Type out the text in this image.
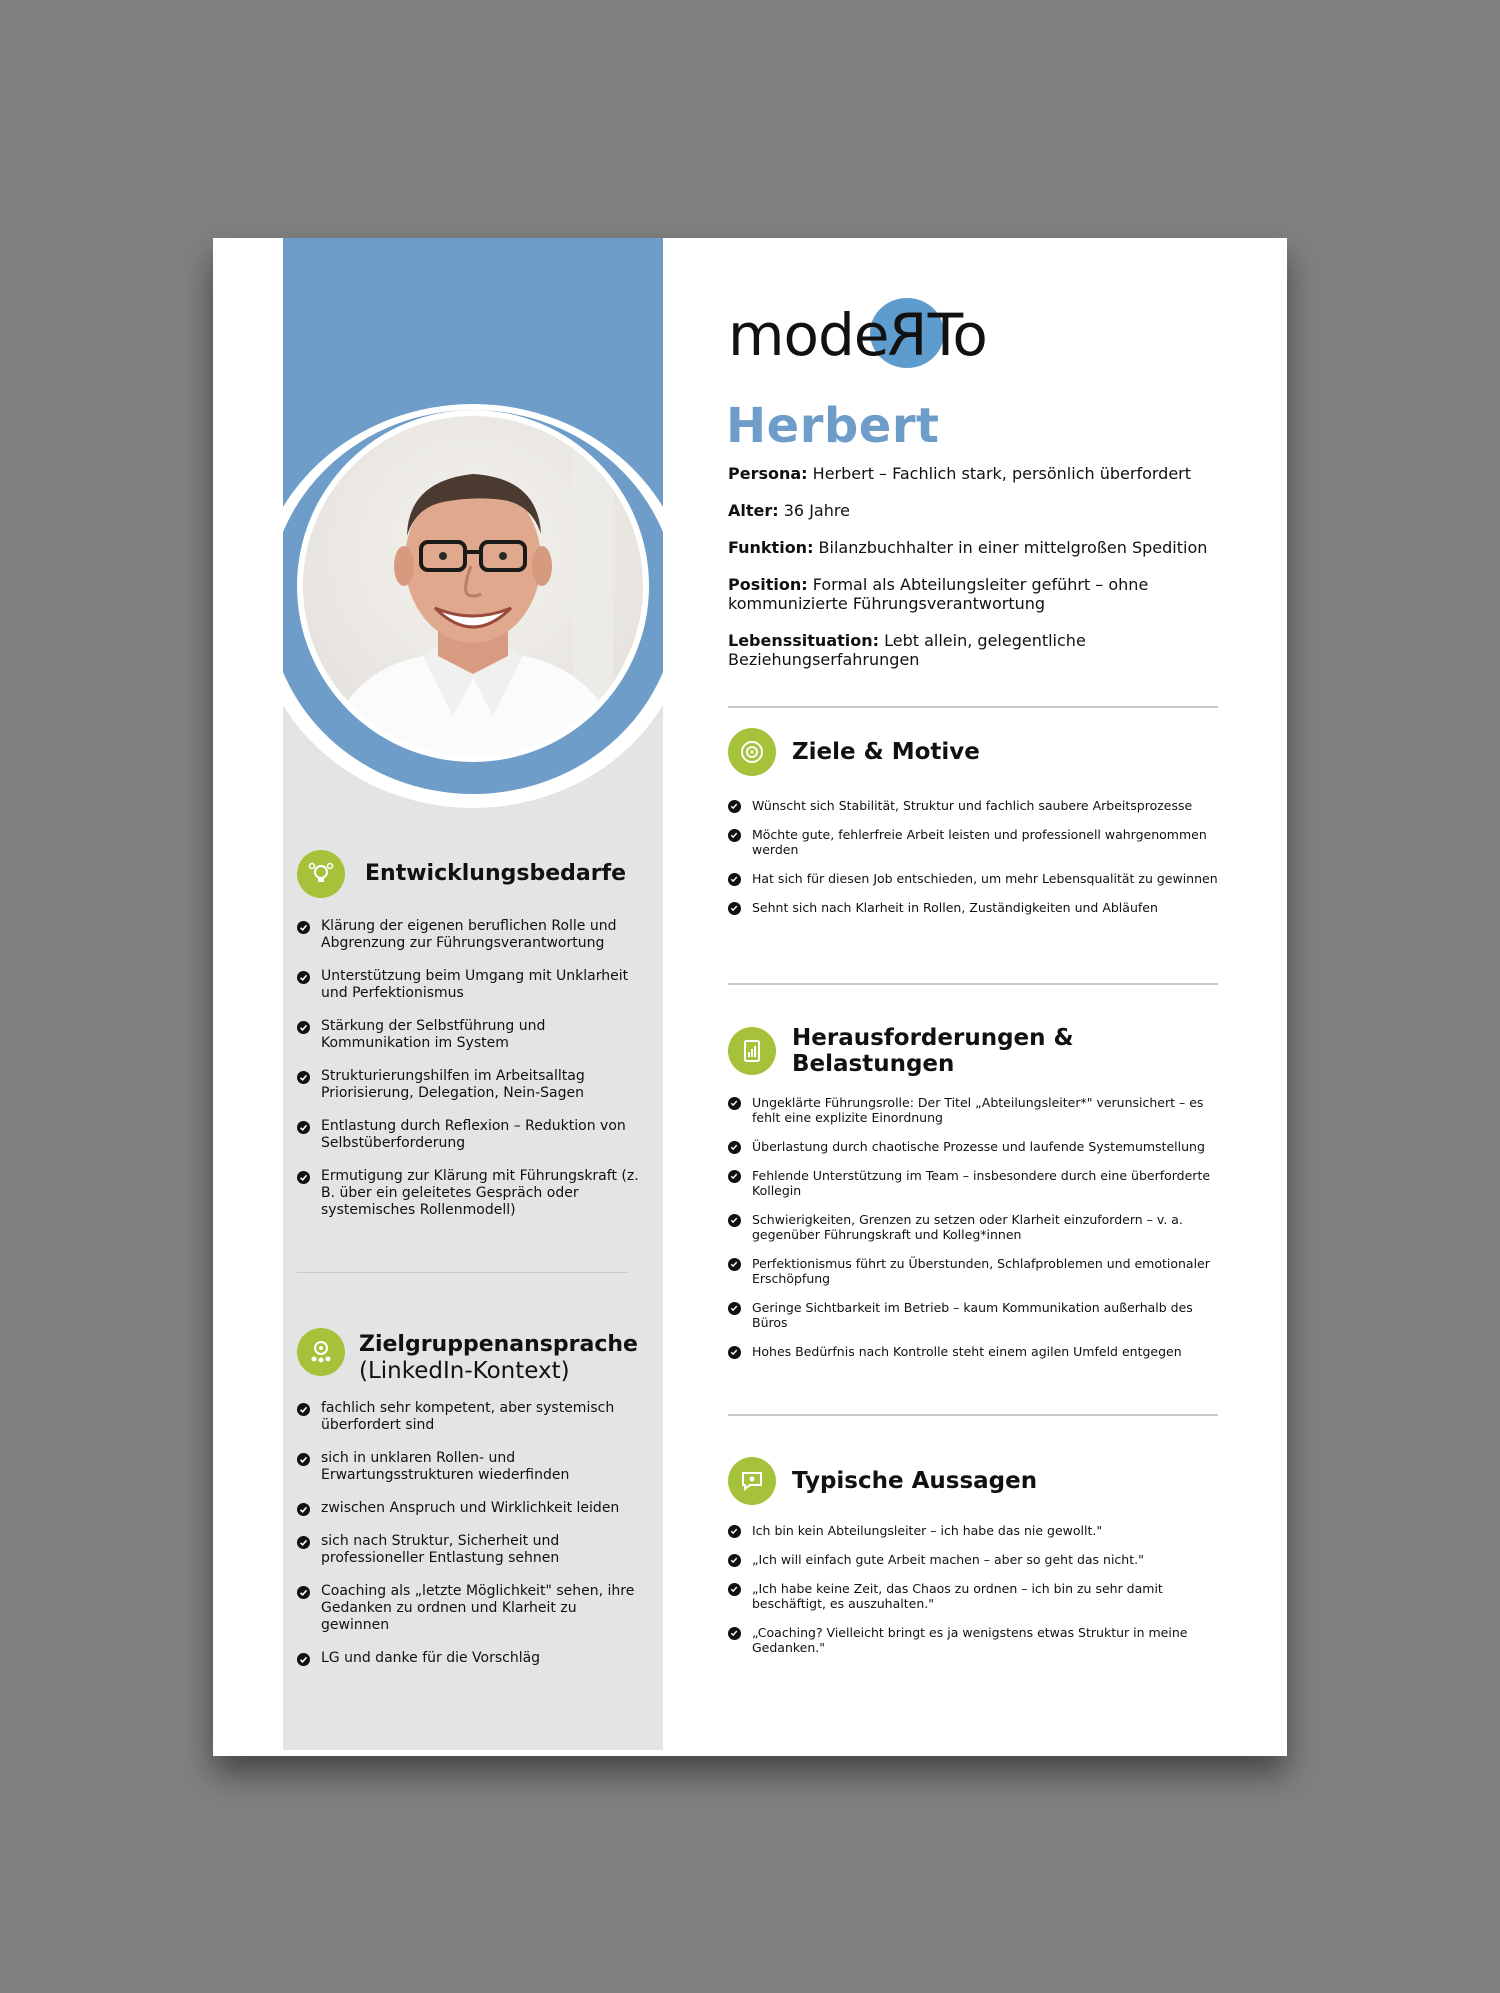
Entwicklungsbedarfe
Klärung der eigenen beruflichen Rolle und Abgrenzung zur Führungsverantwortung
Unterstützung beim Umgang mit Unklarheit und Perfektionismus
Stärkung der Selbstführung und Kommunikation im System
Strukturierungshilfen im Arbeitsalltag Priorisierung, Delegation, Nein-Sagen
Entlastung durch Reflexion – Reduktion von Selbstüberforderung
Ermutigung zur Klärung mit Führungskraft (z. B. über ein geleitetes Gespräch oder systemisches Rollenmodell)
Zielgruppenansprache
(LinkedIn-Kontext)
fachlich sehr kompetent, aber systemisch überfordert sind
sich in unklaren Rollen- und Erwartungsstrukturen wiederfinden
zwischen Anspruch und Wirklichkeit leiden
sich nach Struktur, Sicherheit und professioneller Entlastung sehnen
Coaching als „letzte Möglichkeit" sehen, ihre Gedanken zu ordnen und Klarheit zu gewinnen
LG und danke für die Vorschläg
modeRTo
Herbert
Persona: Herbert – Fachlich stark, persönlich überfordert
Alter: 36 Jahre
Funktion: Bilanzbuchhalter in einer mittelgroßen Spedition
Position: Formal als Abteilungsleiter geführt – ohne kommunizierte Führungsverantwortung
Lebenssituation: Lebt allein, gelegentliche Beziehungserfahrungen
Ziele & Motive
Wünscht sich Stabilität, Struktur und fachlich saubere Arbeitsprozesse
Möchte gute, fehlerfreie Arbeit leisten und professionell wahrgenommen werden
Hat sich für diesen Job entschieden, um mehr Lebensqualität zu gewinnen
Sehnt sich nach Klarheit in Rollen, Zuständigkeiten und Abläufen
Herausforderungen & Belastungen
Ungeklärte Führungsrolle: Der Titel „Abteilungsleiter*" verunsichert – es fehlt eine explizite Einordnung
Überlastung durch chaotische Prozesse und laufende Systemumstellung
Fehlende Unterstützung im Team – insbesondere durch eine überforderte Kollegin
Schwierigkeiten, Grenzen zu setzen oder Klarheit einzufordern – v. a. gegenüber Führungskraft und Kolleg*innen
Perfektionismus führt zu Überstunden, Schlafproblemen und emotionaler Erschöpfung
Geringe Sichtbarkeit im Betrieb – kaum Kommunikation außerhalb des Büros
Hohes Bedürfnis nach Kontrolle steht einem agilen Umfeld entgegen
Typische Aussagen
Ich bin kein Abteilungsleiter – ich habe das nie gewollt."
„Ich will einfach gute Arbeit machen – aber so geht das nicht."
„Ich habe keine Zeit, das Chaos zu ordnen – ich bin zu sehr damit beschäftigt, es auszuhalten."
„Coaching? Vielleicht bringt es ja wenigstens etwas Struktur in meine Gedanken."
